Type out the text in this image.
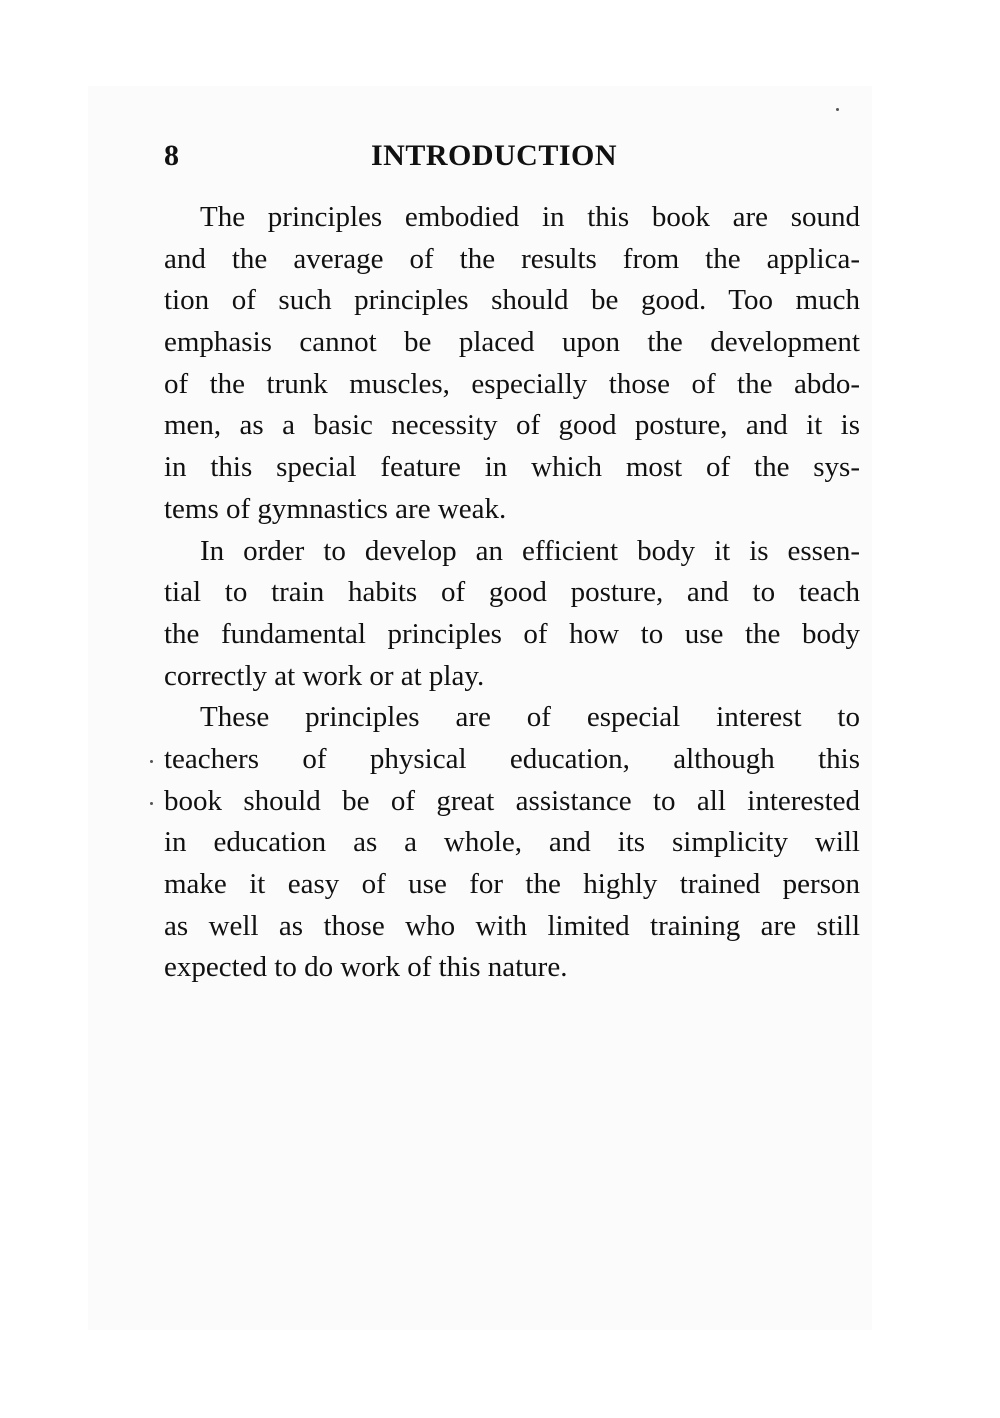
8	INTRODUCTION
The principles embodied in this book are sound
and the average of the results from the applica-
tion of such principles should be good. Too much
emphasis cannot be placed upon the development
of the trunk muscles, especially those of the abdo-
men, as a basic necessity of good posture, and it is
in this special feature in which most of the sys-
tems of gymnastics are weak.
In order to develop an efficient body it is essen-
tial to train habits of good posture, and to teach
the fundamental principles of how to use the body
correctly at work or at play.
These principles are of especial interest to
teachers of physical education, although this
book should be of great assistance to all interested
in education as a whole, and its simplicity will
make it easy of use for the highly trained person
as well as those who with limited training are still
expected to do work of this nature.
